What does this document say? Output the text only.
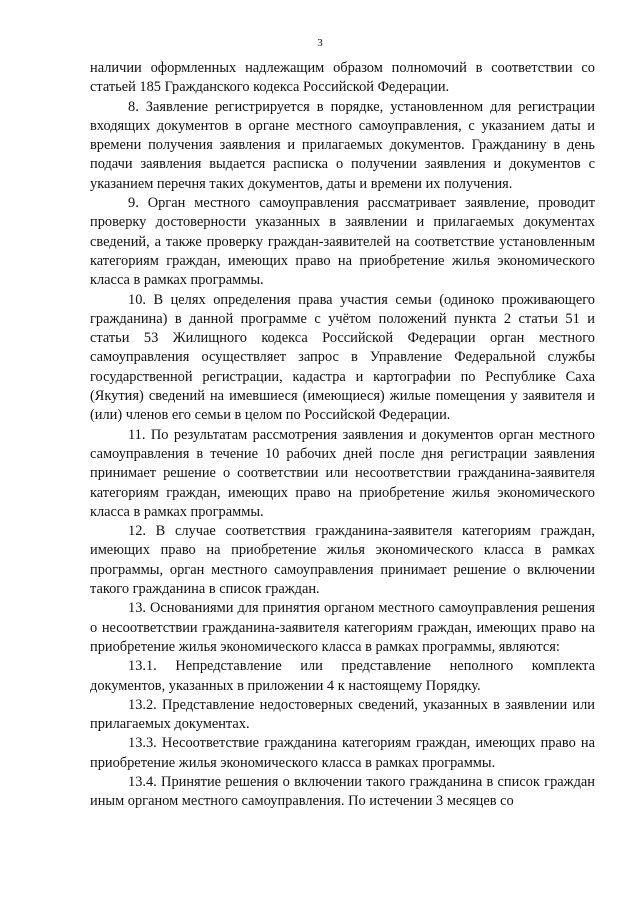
3

наличии оформленных надлежащим образом полномочий в соответствии со статьей 185 Гражданского кодекса Российской Федерации.

8. Заявление регистрируется в порядке, установленном для регистрации входящих документов в органе местного самоуправления, с указанием даты и времени получения заявления и прилагаемых документов. Гражданину в день подачи заявления выдается расписка о получении заявления и документов с указанием перечня таких документов, даты и времени их получения.

9. Орган местного самоуправления рассматривает заявление, проводит проверку достоверности указанных в заявлении и прилагаемых документах сведений, а также проверку граждан-заявителей на соответствие установленным категориям граждан, имеющих право на приобретение жилья экономического класса в рамках программы.

10. В целях определения права участия семьи (одиноко проживающего гражданина) в данной программе с учётом положений пункта 2 статьи 51 и статьи 53 Жилищного кодекса Российской Федерации орган местного самоуправления осуществляет запрос в Управление Федеральной службы государственной регистрации, кадастра и картографии по Республике Саха (Якутия) сведений на имевшиеся (имеющиеся) жилые помещения у заявителя и (или) членов его семьи в целом по Российской Федерации.

11. По результатам рассмотрения заявления и документов орган местного самоуправления в течение 10 рабочих дней после дня регистрации заявления принимает решение о соответствии или несоответствии гражданина-заявителя категориям граждан, имеющих право на приобретение жилья экономического класса в рамках программы.

12. В случае соответствия гражданина-заявителя категориям граждан, имеющих право на приобретение жилья экономического класса в рамках программы, орган местного самоуправления принимает решение о включении такого гражданина в список граждан.

13. Основаниями для принятия органом местного самоуправления решения о несоответствии гражданина-заявителя категориям граждан, имеющих право на приобретение жилья экономического класса в рамках программы, являются:

13.1. Непредставление или представление неполного комплекта документов, указанных в приложении 4 к настоящему Порядку.

13.2. Представление недостоверных сведений, указанных в заявлении или прилагаемых документах.

13.3. Несоответствие гражданина категориям граждан, имеющих право на приобретение жилья экономического класса в рамках программы.

13.4. Принятие решения о включении такого гражданина в список граждан иным органом местного самоуправления. По истечении 3 месяцев со
